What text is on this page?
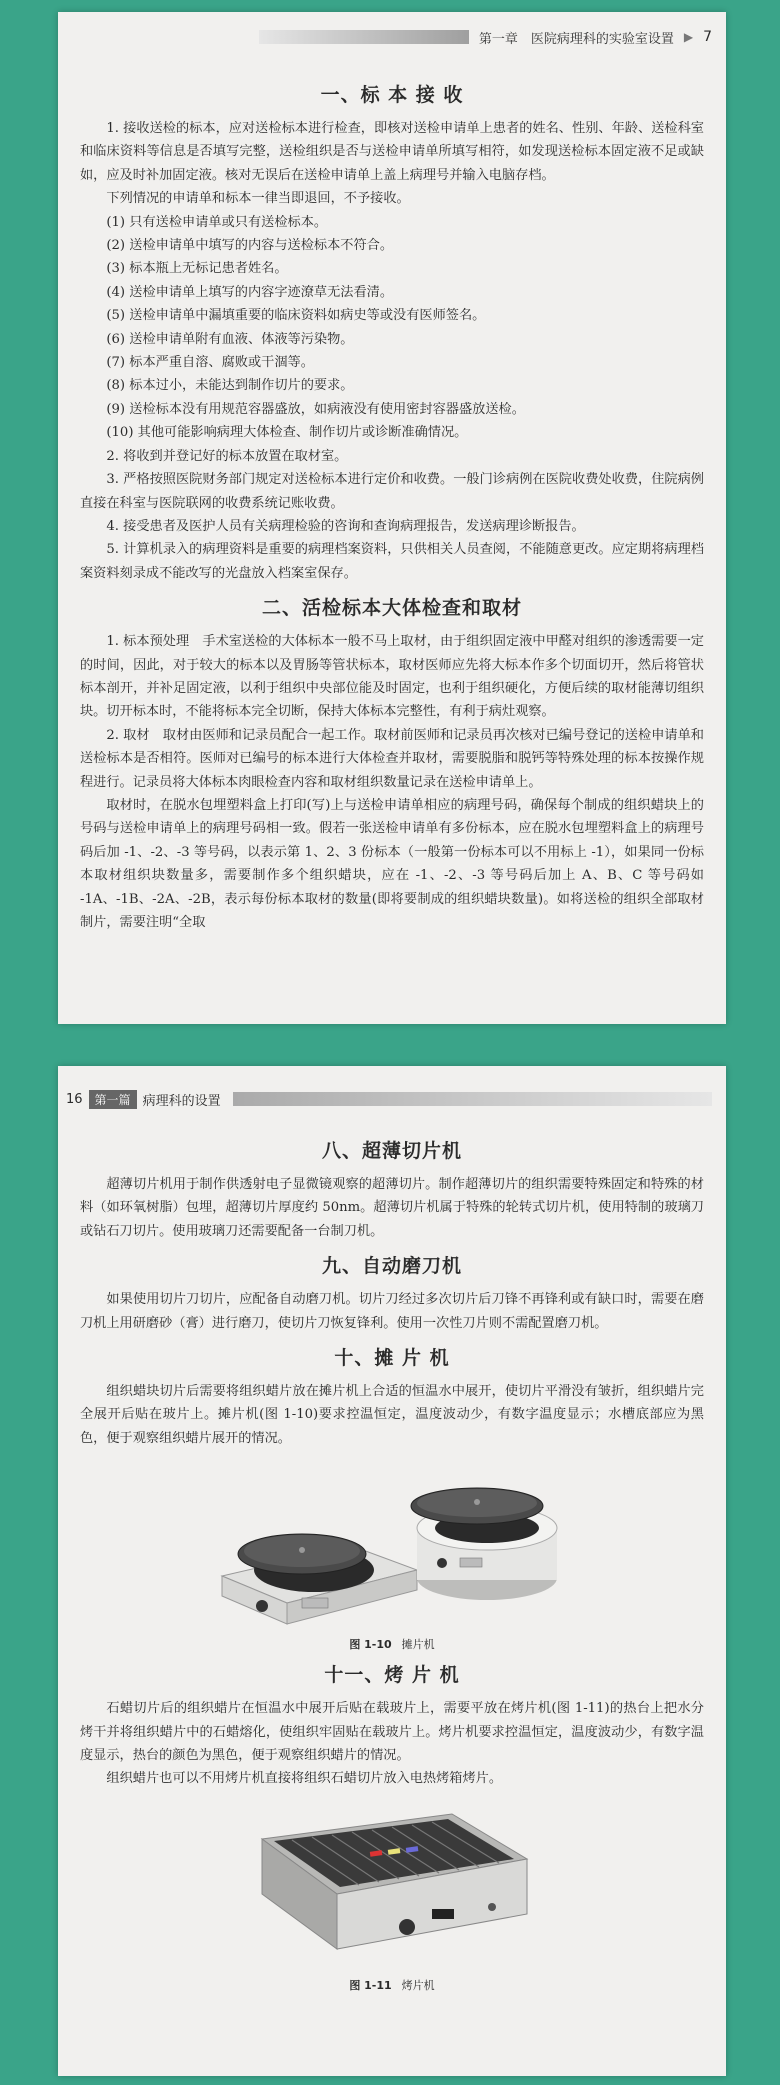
第一章　医院病理科的实验室设置 ▶ 7
一、标 本 接 收

1. 接收送检的标本，应对送检标本进行检查，即核对送检申请单上患者的姓名、性别、年龄、送检科室和临床资料等信息是否填写完整，送检组织是否与送检申请单所填写相符，如发现送检标本固定液不足或缺如，应及时补加固定液。核对无误后在送检申请单上盖上病理号并输入电脑存档。

下列情况的申请单和标本一律当即退回，不予接收。

(1) 只有送检申请单或只有送检标本。

(2) 送检申请单中填写的内容与送检标本不符合。

(3) 标本瓶上无标记患者姓名。

(4) 送检申请单上填写的内容字迹潦草无法看清。

(5) 送检申请单中漏填重要的临床资料如病史等或没有医师签名。

(6) 送检申请单附有血液、体液等污染物。

(7) 标本严重自溶、腐败或干涸等。

(8) 标本过小，未能达到制作切片的要求。

(9) 送检标本没有用规范容器盛放，如病液没有使用密封容器盛放送检。

(10) 其他可能影响病理大体检查、制作切片或诊断准确情况。

2. 将收到并登记好的标本放置在取材室。

3. 严格按照医院财务部门规定对送检标本进行定价和收费。一般门诊病例在医院收费处收费，住院病例直接在科室与医院联网的收费系统记账收费。

4. 接受患者及医护人员有关病理检验的咨询和查询病理报告，发送病理诊断报告。

5. 计算机录入的病理资料是重要的病理档案资料，只供相关人员查阅，不能随意更改。应定期将病理档案资料刻录成不能改写的光盘放入档案室保存。

二、活检标本大体检查和取材

1. 标本预处理　手术室送检的大体标本一般不马上取材，由于组织固定液中甲醛对组织的渗透需要一定的时间，因此，对于较大的标本以及胃肠等管状标本，取材医师应先将大标本作多个切面切开，然后将管状标本剖开，并补足固定液，以利于组织中央部位能及时固定，也利于组织硬化，方便后续的取材能薄切组织块。切开标本时，不能将标本完全切断，保持大体标本完整性，有利于病灶观察。

2. 取材　取材由医师和记录员配合一起工作。取材前医师和记录员再次核对已编号登记的送检申请单和送检标本是否相符。医师对已编号的标本进行大体检查并取材，需要脱脂和脱钙等特殊处理的标本按操作规程进行。记录员将大体标本肉眼检查内容和取材组织数量记录在送检申请单上。

取材时，在脱水包埋塑料盒上打印(写)上与送检申请单相应的病理号码，确保每个制成的组织蜡块上的号码与送检申请单上的病理号码相一致。假若一张送检申请单有多份标本，应在脱水包埋塑料盒上的病理号码后加 -1、-2、-3 等号码，以表示第 1、2、3 份标本（一般第一份标本可以不用标上 -1），如果同一份标本取材组织块数量多，需要制作多个组织蜡块，应在 -1、-2、-3 等号码后加上 A、B、C 等号码如 -1A、-1B、-2A、-2B，表示每份标本取材的数量(即将要制成的组织蜡块数量)。如将送检的组织全部取材制片，需要注明“全取

16	第一篇 病理科的设置
八、超薄切片机

超薄切片机用于制作供透射电子显微镜观察的超薄切片。制作超薄切片的组织需要特殊固定和特殊的材料（如环氧树脂）包埋，超薄切片厚度约 50nm。超薄切片机属于特殊的轮转式切片机，使用特制的玻璃刀或钻石刀切片。使用玻璃刀还需要配备一台制刀机。

九、自动磨刀机

如果使用切片刀切片，应配备自动磨刀机。切片刀经过多次切片后刀锋不再锋利或有缺口时，需要在磨刀机上用研磨砂（膏）进行磨刀，使切片刀恢复锋利。使用一次性刀片则不需配置磨刀机。

十、摊 片 机

组织蜡块切片后需要将组织蜡片放在摊片机上合适的恒温水中展开，使切片平滑没有皱折，组织蜡片完全展开后贴在玻片上。摊片机(图 1-10)要求控温恒定，温度波动少，有数字温度显示；水槽底部应为黑色，便于观察组织蜡片展开的情况。

图 1-10 摊片机
十一、烤 片 机

石蜡切片后的组织蜡片在恒温水中展开后贴在载玻片上，需要平放在烤片机(图 1-11)的热台上把水分烤干并将组织蜡片中的石蜡熔化，使组织牢固贴在载玻片上。烤片机要求控温恒定，温度波动少，有数字温度显示，热台的颜色为黑色，便于观察组织蜡片的情况。

组织蜡片也可以不用烤片机直接将组织石蜡切片放入电热烤箱烤片。

图 1-11 烤片机
